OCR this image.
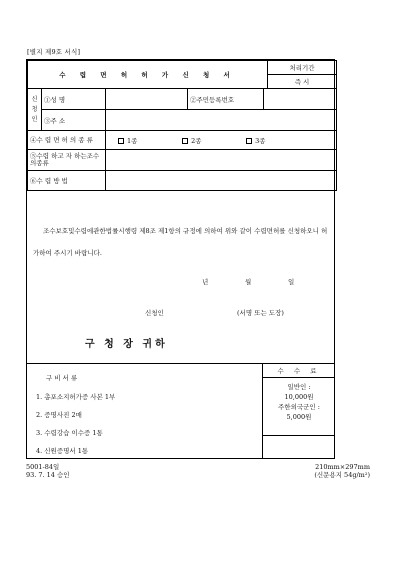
[별지 제9호 서식]
수 렵 면 허 허 가 신 청 서	처리기간
즉 시
신 청 인	①성 명		②주민등록번호	
	③주 소			
④수 렵 면 허 의 종 류		1종 2종 3종		
⑤수렵 하고 자 하는조수의종류				
⑥수 렵 방 법				
조수보호및수렵에관한법률시행령 제8조 제1항의 규정에 의하여 위와 같이 수렵면허를 신청하오니 허가하여 주시기 바랍니다.
년	월	일
신청인	(서명 또는 도장)
구 청 장 귀하
구비서류
1. 총포소지허가증 사본 1부
2. 증명사진 2매
3. 수렵강습 이수증 1통
4. 신원증명서 1통
수 수 료
일반인 :
10,000원
주한외국군인 :
5,000원
5001-84일
93. 7. 14 승인
210mm×297mm
(신문용지 54g/m²)
